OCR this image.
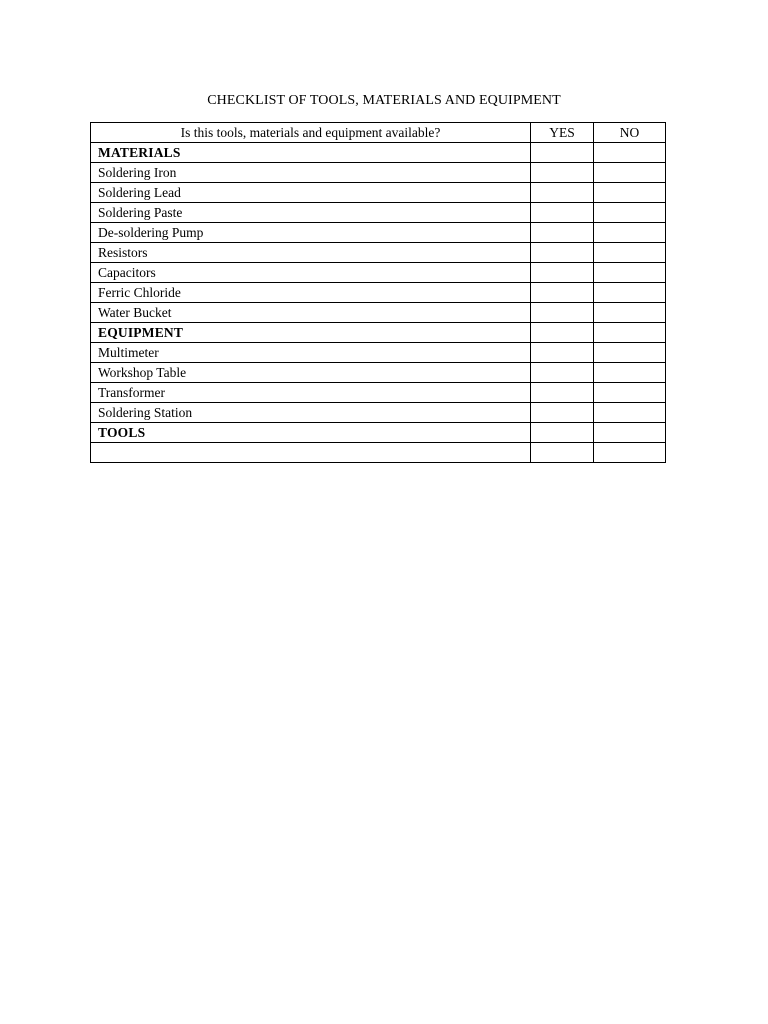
CHECKLIST OF TOOLS, MATERIALS AND EQUIPMENT
Is this tools, materials and equipment available?	YES	NO
MATERIALS		
Soldering Iron		
Soldering Lead		
Soldering Paste		
De-soldering Pump		
Resistors		
Capacitors		
Ferric Chloride		
Water Bucket		
EQUIPMENT		
Multimeter		
Workshop Table		
Transformer		
Soldering Station		
TOOLS		
